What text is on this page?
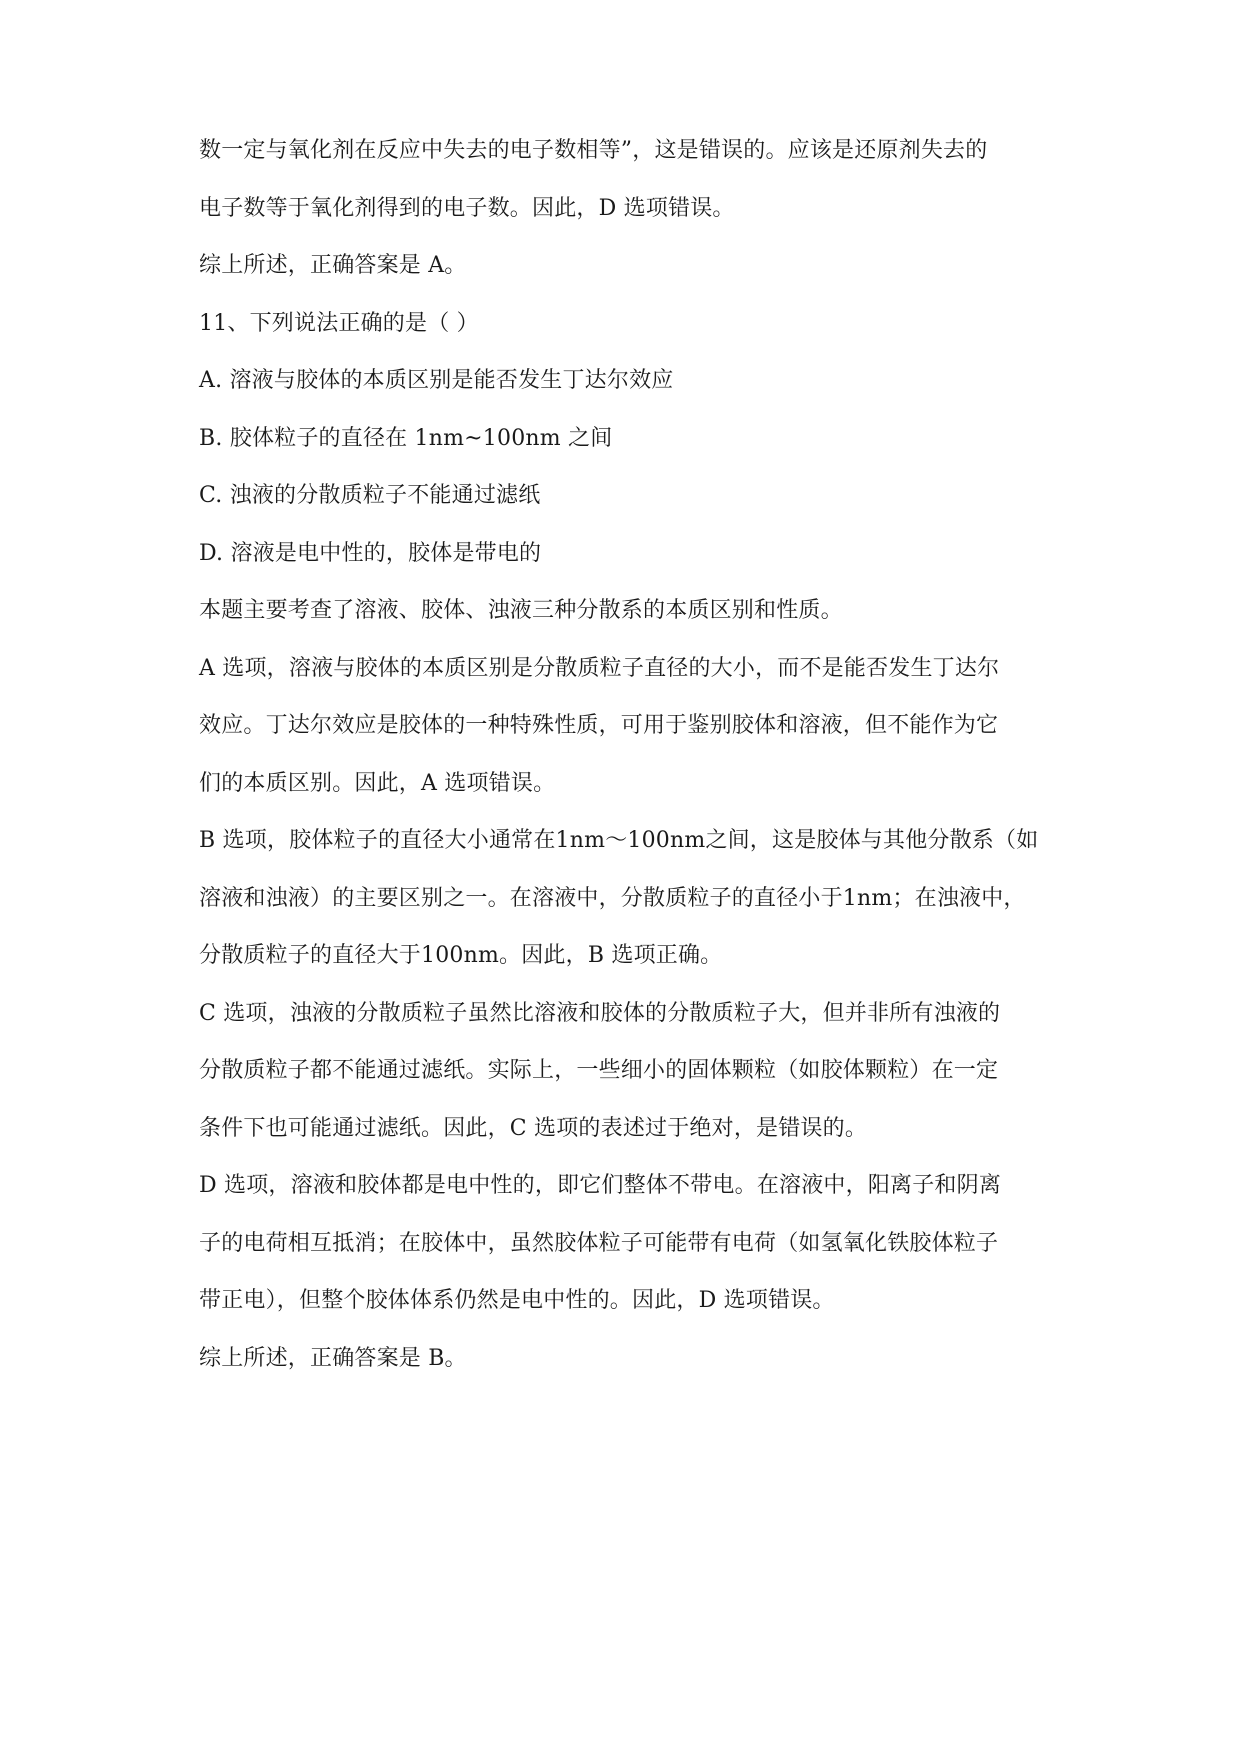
数一定与氧化剂在反应中失去的电子数相等”，这是错误的。应该是还原剂失去的
电子数等于氧化剂得到的电子数。因此，D 选项错误。
综上所述，正确答案是 A。
11、下列说法正确的是（ ）
A. 溶液与胶体的本质区别是能否发生丁达尔效应
B. 胶体粒子的直径在 1nm~100nm 之间
C. 浊液的分散质粒子不能通过滤纸
D. 溶液是电中性的，胶体是带电的
本题主要考查了溶液、胶体、浊液三种分散系的本质区别和性质。
A 选项，溶液与胶体的本质区别是分散质粒子直径的大小，而不是能否发生丁达尔
效应。丁达尔效应是胶体的一种特殊性质，可用于鉴别胶体和溶液，但不能作为它
们的本质区别。因此，A 选项错误。
B 选项，胶体粒子的直径大小通常在1nm～100nm之间，这是胶体与其他分散系（如
溶液和浊液）的主要区别之一。在溶液中，分散质粒子的直径小于1nm；在浊液中，
分散质粒子的直径大于100nm。因此，B 选项正确。
C 选项，浊液的分散质粒子虽然比溶液和胶体的分散质粒子大，但并非所有浊液的
分散质粒子都不能通过滤纸。实际上，一些细小的固体颗粒（如胶体颗粒）在一定
条件下也可能通过滤纸。因此，C 选项的表述过于绝对，是错误的。
D 选项，溶液和胶体都是电中性的，即它们整体不带电。在溶液中，阳离子和阴离
子的电荷相互抵消；在胶体中，虽然胶体粒子可能带有电荷（如氢氧化铁胶体粒子
带正电），但整个胶体体系仍然是电中性的。因此，D 选项错误。
综上所述，正确答案是 B。
